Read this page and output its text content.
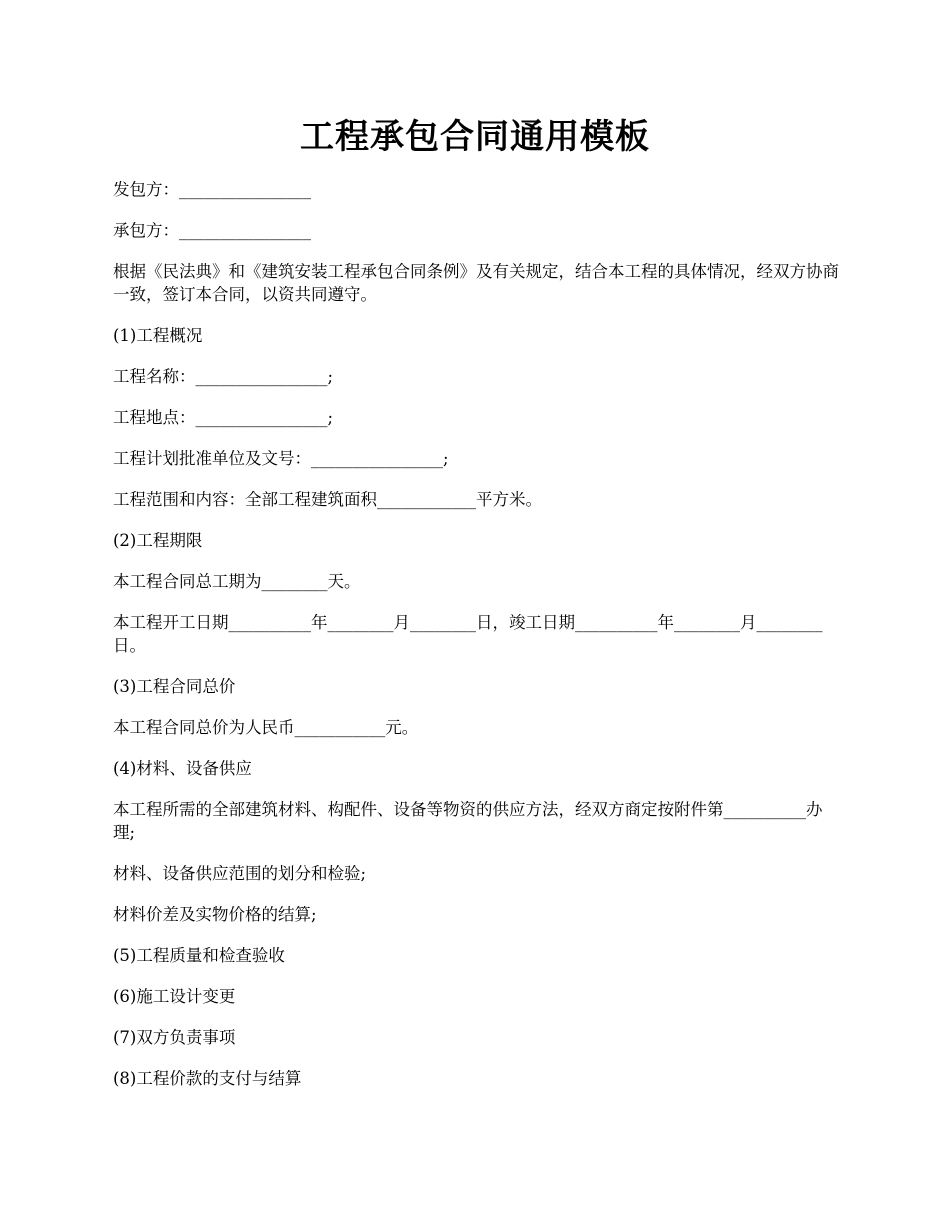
工程承包合同通用模板

发包方：________________

承包方：________________

根据《民法典》和《建筑安装工程承包合同条例》及有关规定，结合本工程的具体情况，经双方协商一致，签订本合同，以资共同遵守。

(1)工程概况

工程名称：________________;

工程地点：________________;

工程计划批准单位及文号：________________;

工程范围和内容：全部工程建筑面积____________平方米。

(2)工程期限

本工程合同总工期为________天。

本工程开工日期__________年________月________日，竣工日期__________年________月________日。

(3)工程合同总价

本工程合同总价为人民币___________元。

(4)材料、设备供应

本工程所需的全部建筑材料、构配件、设备等物资的供应方法，经双方商定按附件第__________办理;

材料、设备供应范围的划分和检验;

材料价差及实物价格的结算;

(5)工程质量和检查验收

(6)施工设计变更

(7)双方负责事项

(8)工程价款的支付与结算
